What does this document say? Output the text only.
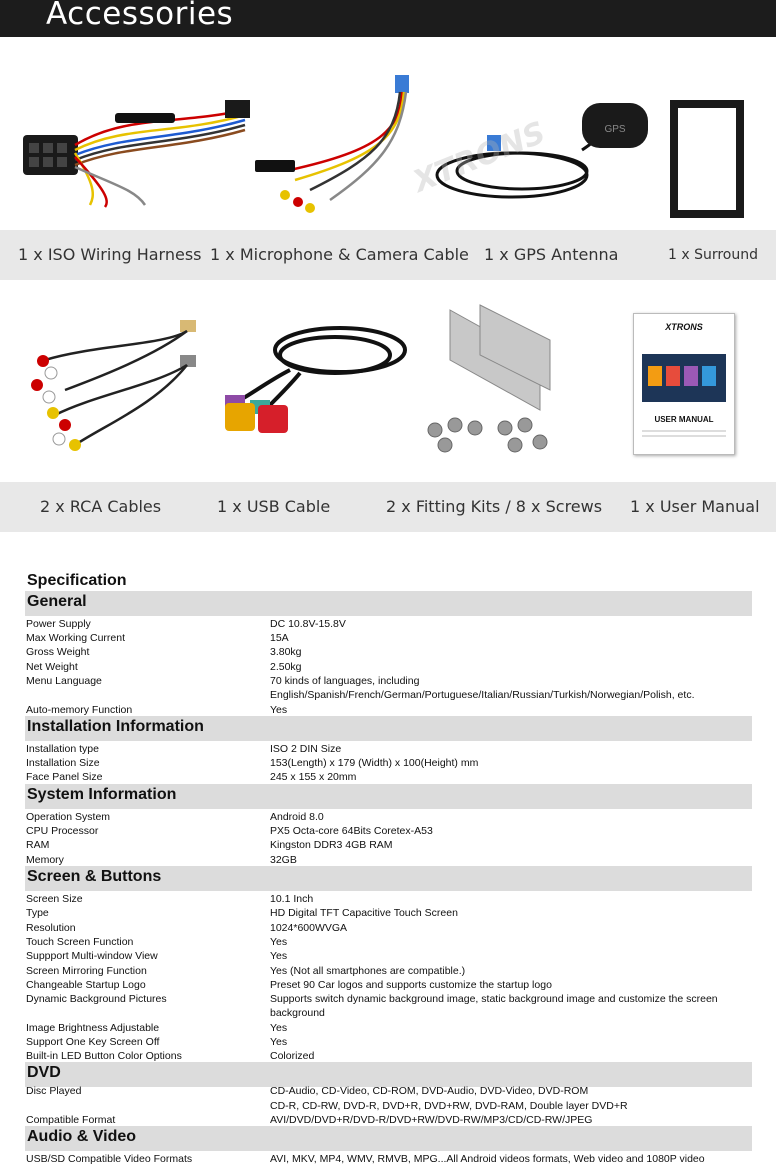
Accessories
GPS
XTRONS
1 x ISO Wiring Harness 1 x Microphone & Camera Cable 1 x GPS Antenna	1 x Surround
XTRONS
USER MANUAL
2 x RCA Cables	1 x USB Cable	2 x Fitting Kits / 8 x Screws 1 x User Manual
Specification
General
Power Supply	DC 10.8V-15.8V
Max Working Current	15A
Gross Weight	3.80kg
Net Weight	2.50kg
Menu Language	70 kinds of languages, including
English/Spanish/French/German/Portuguese/Italian/Russian/Turkish/Norwegian/Polish, etc.
Auto-memory Function	Yes
Installation Information
Installation type	ISO 2 DIN Size
Installation Size	153(Length) x 179 (Width) x 100(Height) mm
Face Panel Size	245 x 155 x 20mm
System Information
Operation System	Android 8.0
CPU Processor	PX5 Octa-core 64Bits Coretex-A53
RAM	Kingston DDR3 4GB RAM
Memory	32GB
Screen & Buttons
Screen Size	10.1 Inch
Type	HD Digital TFT Capacitive Touch Screen
Resolution	1024*600WVGA
Touch Screen Function	Yes
Suppport Multi-window View	Yes
Screen Mirroring Function	Yes (Not all smartphones are compatible.)
Changeable Startup Logo	Preset 90 Car logos and supports customize the startup logo
Dynamic Background Pictures	Supports switch dynamic background image, static background image and customize the screen
background
Image Brightness Adjustable	Yes
Support One Key Screen Off	Yes
Built-in LED Button Color Options	Colorized
DVD
Disc Played	CD-Audio, CD-Video, CD-ROM, DVD-Audio, DVD-Video, DVD-ROM
CD-R, CD-RW, DVD-R, DVD+R, DVD+RW, DVD-RAM, Double layer DVD+R
Compatible Format	AVI/DVD/DVD+R/DVD-R/DVD+RW/DVD-RW/MP3/CD/CD-RW/JPEG
Audio & Video
USB/SD Compatible Video Formats	AVI, MKV, MP4, WMV, RMVB, MPG...All Android videos formats, Web video and 1080P video
